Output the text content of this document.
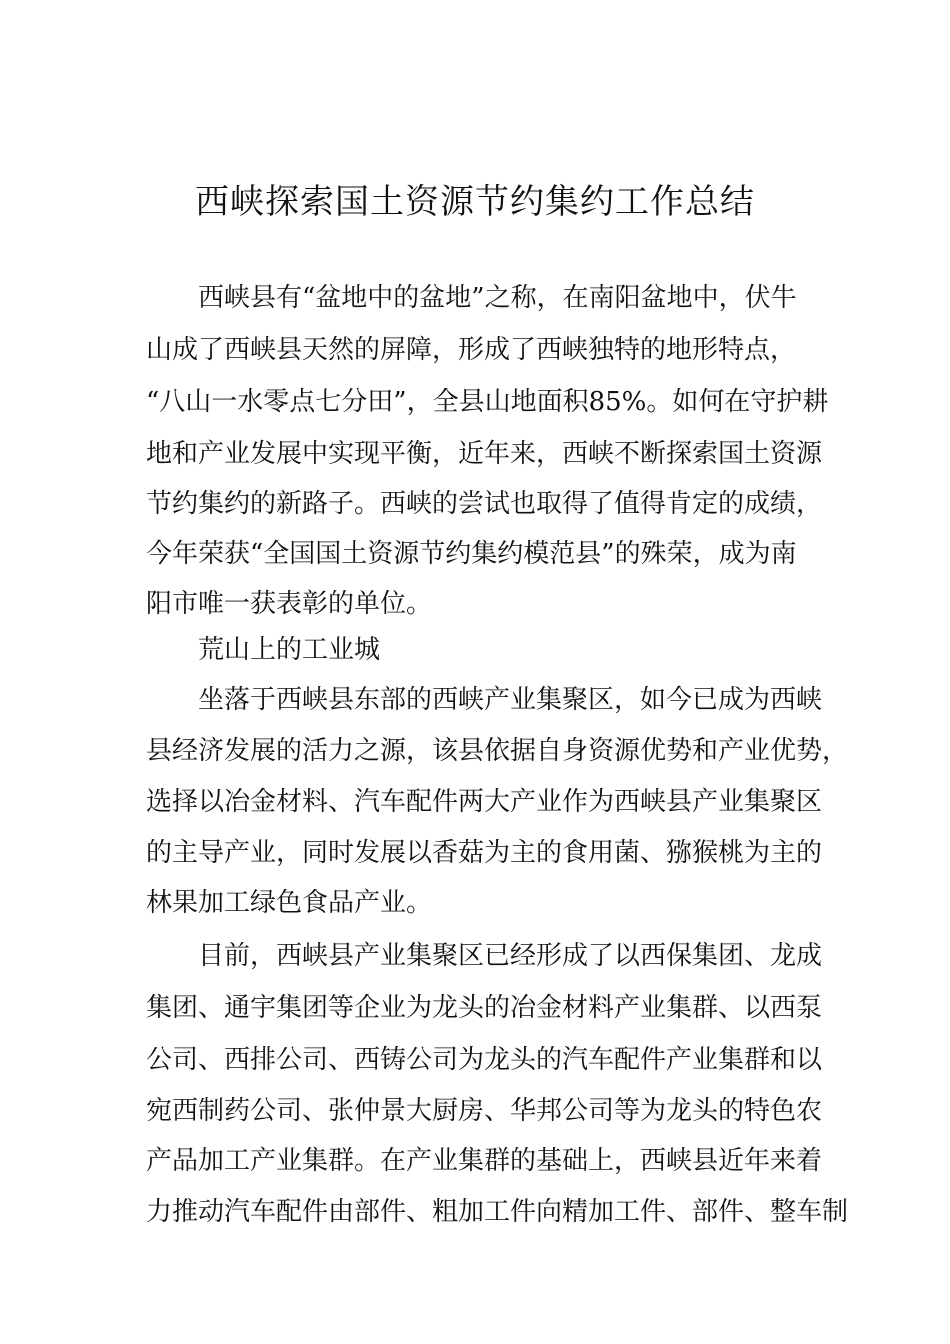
西峡探索国土资源节约集约工作总结
西峡县有“盆地中的盆地”之称，在南阳盆地中，伏牛
山成了西峡县天然的屏障，形成了西峡独特的地形特点，
“八山一水零点七分田”，全县山地面积85%。如何在守护耕
地和产业发展中实现平衡，近年来，西峡不断探索国土资源
节约集约的新路子。西峡的尝试也取得了值得肯定的成绩，
今年荣获“全国国土资源节约集约模范县”的殊荣，成为南
阳市唯一获表彰的单位。
荒山上的工业城
坐落于西峡县东部的西峡产业集聚区，如今已成为西峡
县经济发展的活力之源，该县依据自身资源优势和产业优势，
选择以冶金材料、汽车配件两大产业作为西峡县产业集聚区
的主导产业，同时发展以香菇为主的食用菌、猕猴桃为主的
林果加工绿色食品产业。
目前，西峡县产业集聚区已经形成了以西保集团、龙成
集团、通宇集团等企业为龙头的冶金材料产业集群、以西泵
公司、西排公司、西铸公司为龙头的汽车配件产业集群和以
宛西制药公司、张仲景大厨房、华邦公司等为龙头的特色农
产品加工产业集群。在产业集群的基础上，西峡县近年来着
力推动汽车配件由部件、粗加工件向精加工件、部件、整车制
